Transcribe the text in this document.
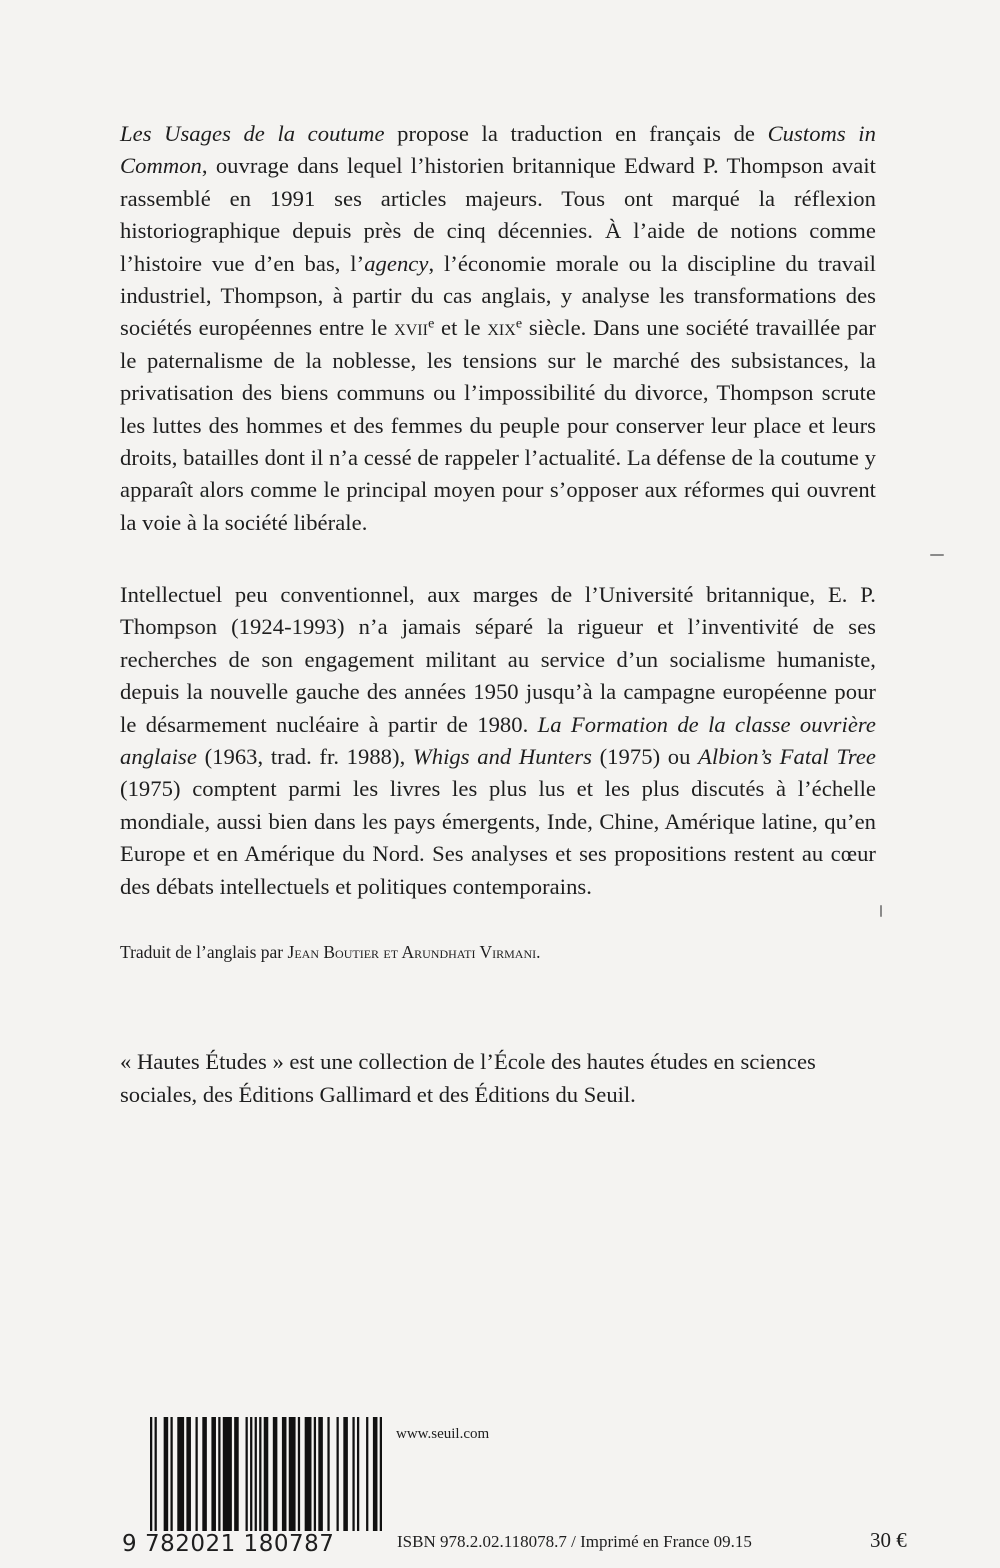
Les Usages de la coutume propose la traduction en français de Customs in Common, ouvrage dans lequel l’historien britannique Edward P. Thompson avait rassemblé en 1991 ses articles majeurs. Tous ont marqué la réflexion historiographique depuis près de cinq décennies. À l’aide de notions comme l’histoire vue d’en bas, l’agency, l’économie morale ou la discipline du travail industriel, Thompson, à partir du cas anglais, y analyse les transformations des sociétés européennes entre le xvii$^e$ et le xix$^e$ siècle. Dans une société travaillée par le paternalisme de la noblesse, les tensions sur le marché des subsistances, la privatisation des biens communs ou l’impossibilité du divorce, Thompson scrute les luttes des hommes et des femmes du peuple pour conserver leur place et leurs droits, batailles dont il n’a cessé de rappeler l’actualité. La défense de la coutume y apparaît alors comme le principal moyen pour s’opposer aux réformes qui ouvrent la voie à la société libérale.

Intellectuel peu conventionnel, aux marges de l’Université britannique, E. P. Thompson (1924-1993) n’a jamais séparé la rigueur et l’inventivité de ses recherches de son engagement militant au service d’un socialisme humaniste, depuis la nouvelle gauche des années 1950 jusqu’à la campagne européenne pour le désarmement nucléaire à partir de 1980. La Formation de la classe ouvrière anglaise (1963, trad. fr. 1988), Whigs and Hunters (1975) ou Albion’s Fatal Tree (1975) comptent parmi les livres les plus lus et les plus discutés à l’échelle mondiale, aussi bien dans les pays émergents, Inde, Chine, Amérique latine, qu’en Europe et en Amérique du Nord. Ses analyses et ses propositions restent au cœur des débats intellectuels et politiques contemporains.

Traduit de l’anglais par Jean Boutier et Arundhati Virmani.

« Hautes Études » est une collection de l’École des hautes études en sciences sociales, des Éditions Gallimard et des Éditions du Seuil.

www.seuil.com

9 782021 180787	ISBN 978.2.02.118078.7 / Imprimé en France 09.15	30 €
